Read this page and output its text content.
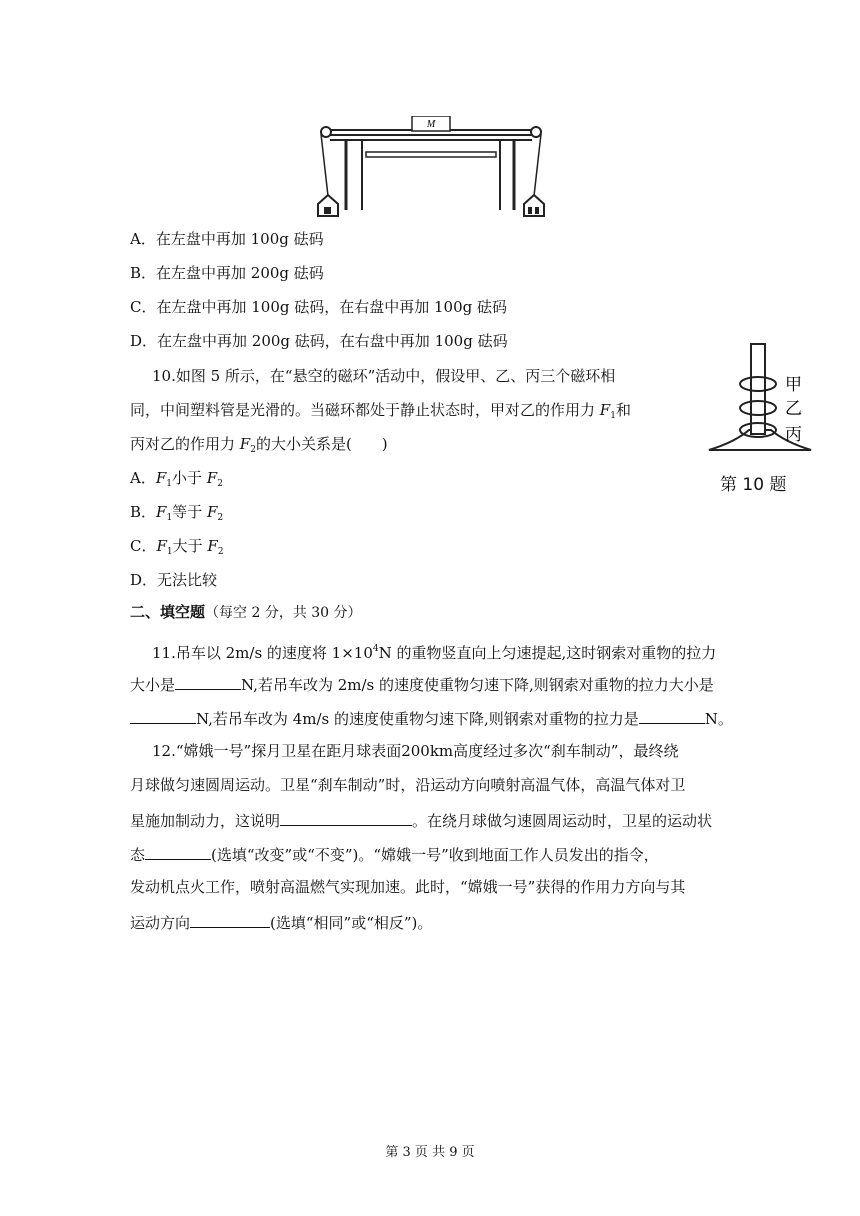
M
A．在左盘中再加 100g 砝码
B．在左盘中再加 200g 砝码
C．在左盘中再加 100g 砝码，在右盘中再加 100g 砝码
D．在左盘中再加 200g 砝码，在右盘中再加 100g 砝码
10.如图 5 所示，在“悬空的磁环”活动中，假设甲、乙、丙三个磁环相
同，中间塑料管是光滑的。当磁环都处于静止状态时，甲对乙的作用力 $F_1$和
丙对乙的作用力 $F_2$的大小关系是(　　)
A．$F_1$小于 $F_2$
B．$F_1$等于 $F_2$
C．$F_1$大于 $F_2$
D．无法比较
甲
乙
丙
第 10 题
二、填空题（每空 2 分，共 30 分）
11.吊车以 2m/s 的速度将 $1\times 10^4N$ 的重物竖直向上匀速提起,这时钢索对重物的拉力
大小是	N,若吊车改为 2m/s 的速度使重物匀速下降,则钢索对重物的拉力大小是
N,若吊车改为 4m/s 的速度使重物匀速下降,则钢索对重物的拉力是	N。
12.“嫦娥一号”探月卫星在距月球表面200km高度经过多次“刹车制动”，最终绕
月球做匀速圆周运动。卫星“刹车制动”时，沿运动方向喷射高温气体，高温气体对卫
星施加制动力，这说明	。在绕月球做匀速圆周运动时，卫星的运动状
态	(选填“改变”或“不变”)。“嫦娥一号”收到地面工作人员发出的指令，
发动机点火工作，喷射高温燃气实现加速。此时，“嫦娥一号”获得的作用力方向与其
运动方向	(选填“相同”或“相反”)。
第 3 页 共 9 页
